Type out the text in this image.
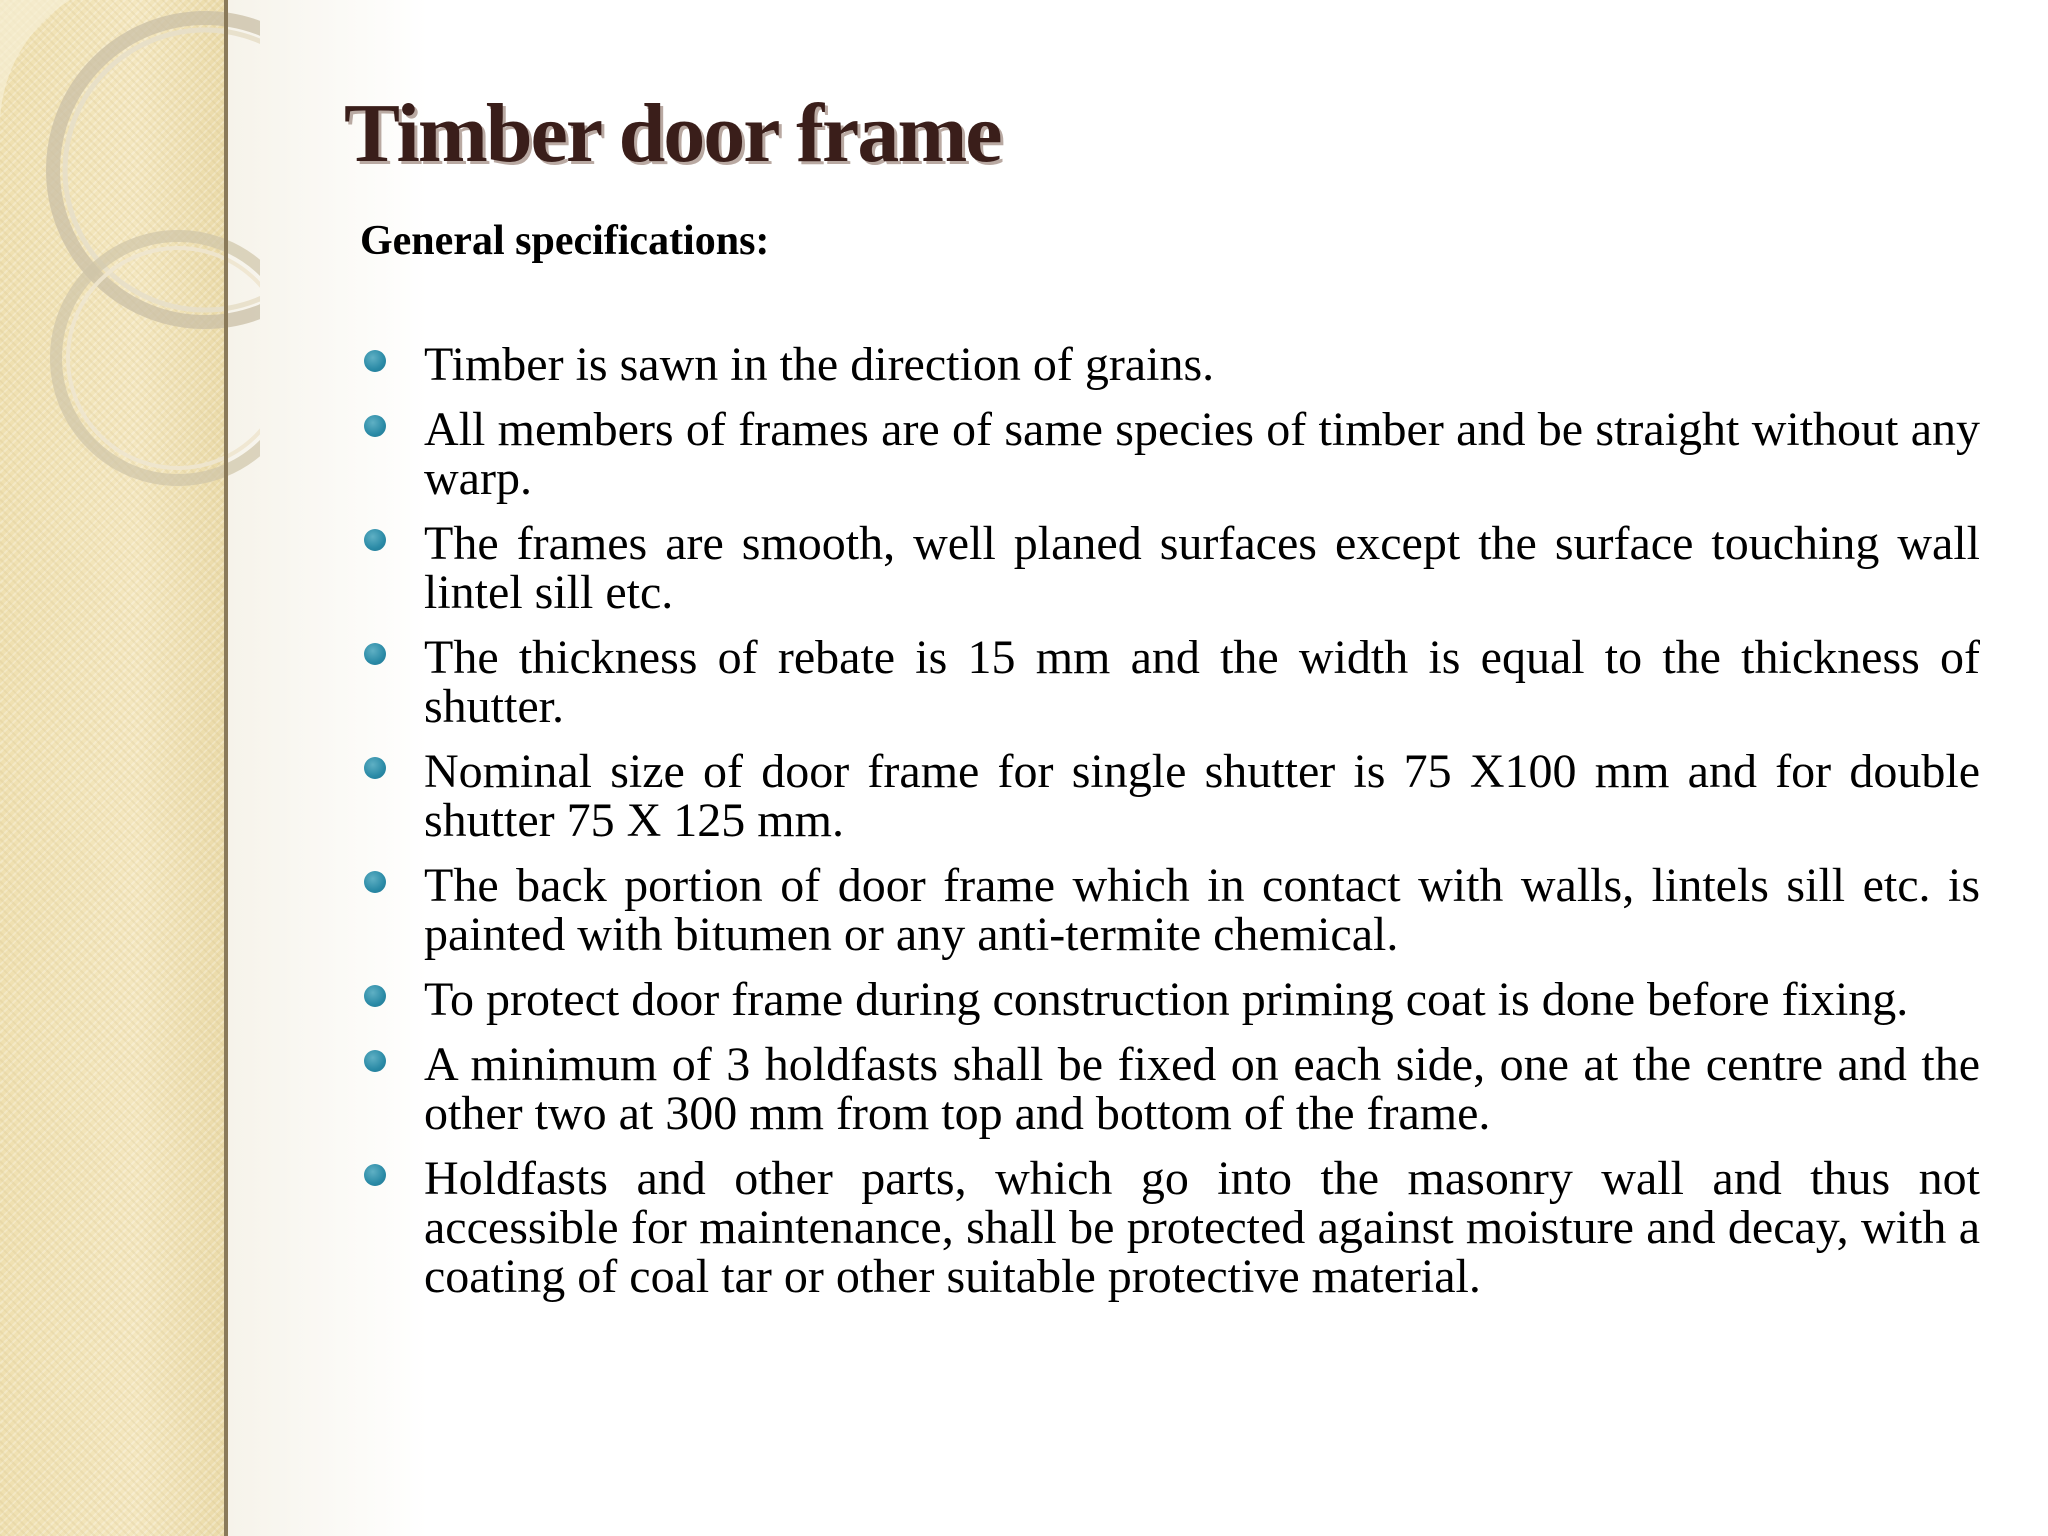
Timber door frame
General specifications:
Timber is sawn in the direction of grains.
All members of frames are of same species of timber and be straight without any warp.
The frames are smooth, well planed surfaces except the surface touching wall lintel sill etc.
The thickness of rebate is 15 mm and the width is equal to the thickness of shutter.
Nominal size of door frame for single shutter is 75 X100 mm and for double shutter 75 X 125 mm.
The back portion of door frame which in contact with walls, lintels sill etc. is painted with bitumen or any anti-termite chemical.
To protect door frame during construction priming coat is done before fixing.
A minimum of 3 holdfasts shall be fixed on each side, one at the centre and the other two at 300 mm from top and bottom of the frame.
Holdfasts and other parts, which go into the masonry wall and thus not accessible for maintenance, shall be protected against moisture and decay, with a coating of coal tar or other suitable protective material.
